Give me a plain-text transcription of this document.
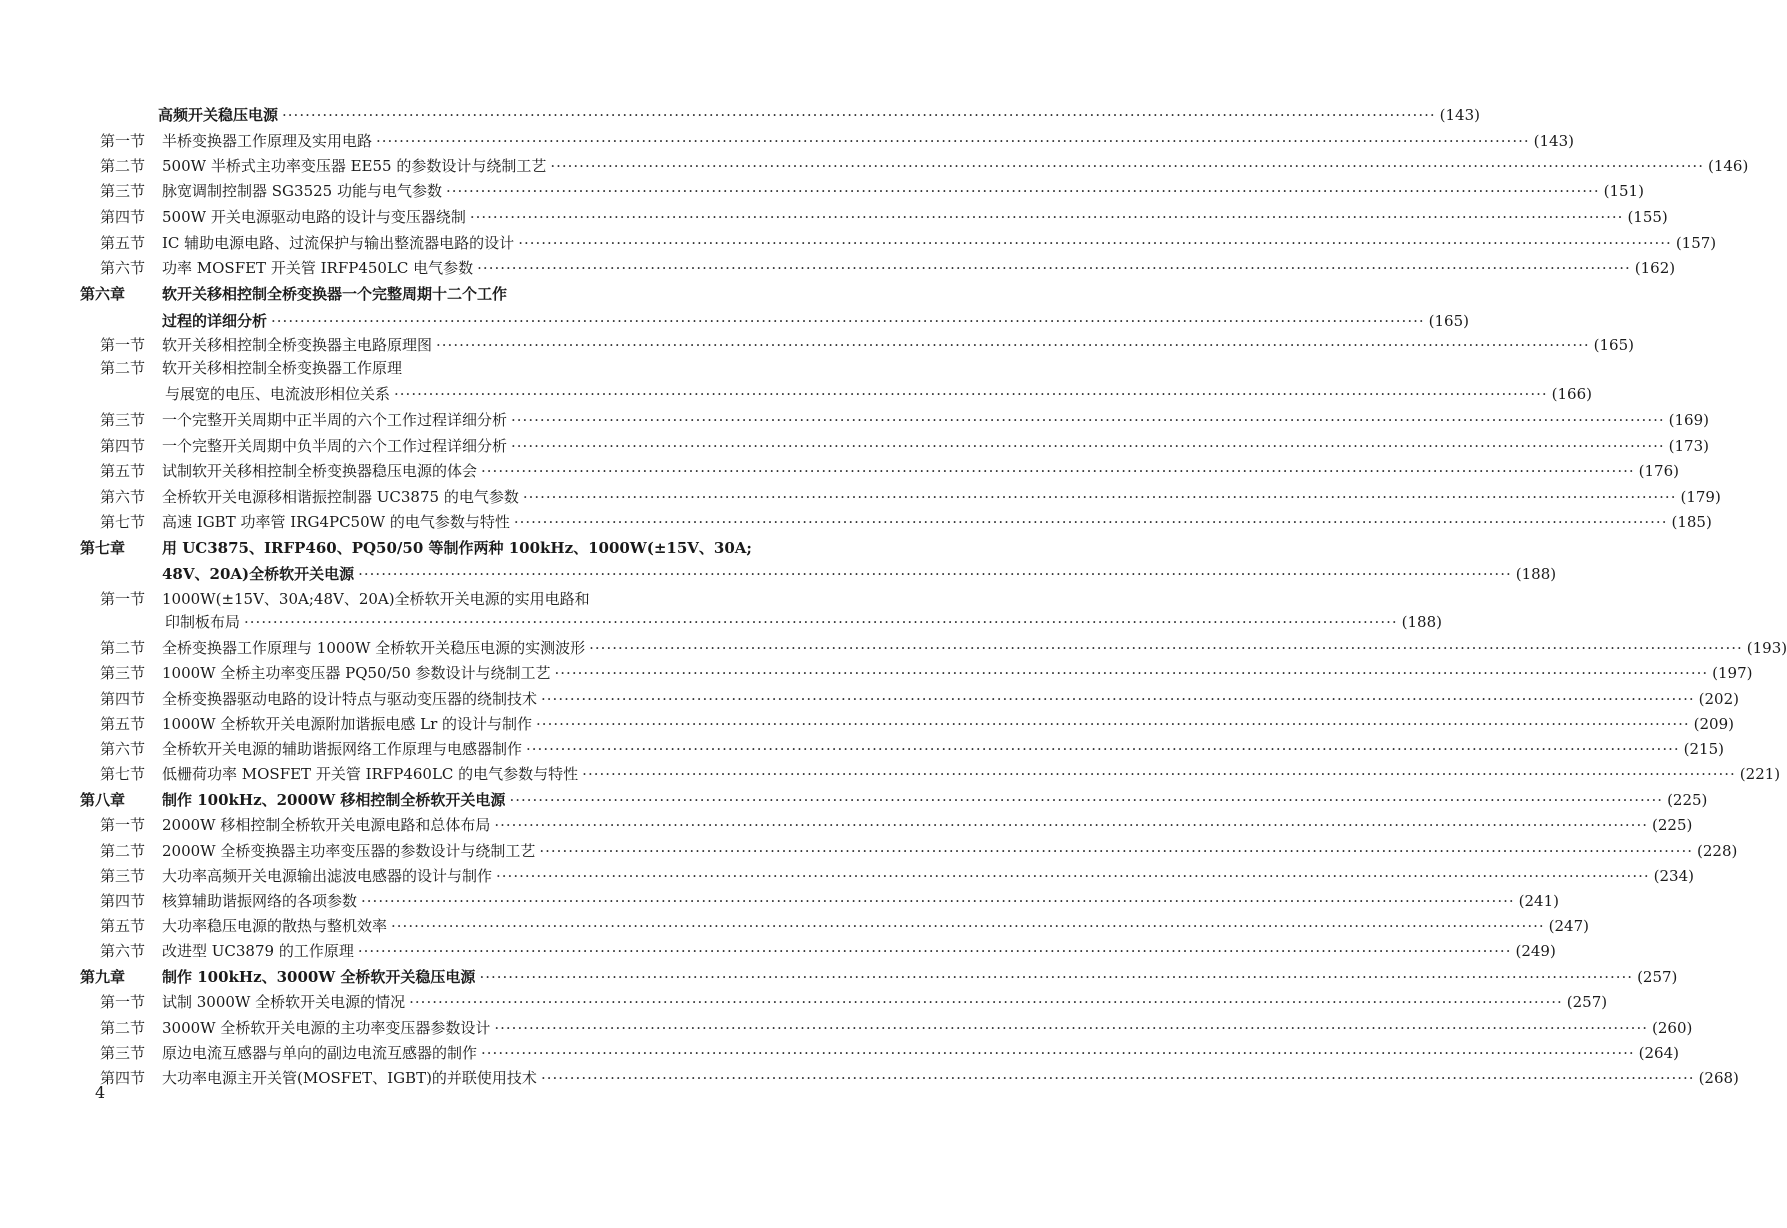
高频开关稳压电源 ········································································································································································································ (143)
第一节	半桥变换器工作原理及实用电路 ········································································································································································································ (143)
第二节	500W 半桥式主功率变压器 EE55 的参数设计与绕制工艺 ········································································································································································································ (146)
第三节	脉宽调制控制器 SG3525 功能与电气参数 ········································································································································································································ (151)
第四节	500W 开关电源驱动电路的设计与变压器绕制 ········································································································································································································ (155)
第五节	IC 辅助电源电路、过流保护与输出整流器电路的设计 ········································································································································································································ (157)
第六节	功率 MOSFET 开关管 IRFP450LC 电气参数 ········································································································································································································ (162)
第六章	软开关移相控制全桥变换器一个完整周期十二个工作
过程的详细分析 ········································································································································································································ (165)
第一节	软开关移相控制全桥变换器主电路原理图 ········································································································································································································ (165)
第二节	软开关移相控制全桥变换器工作原理
与展宽的电压、电流波形相位关系 ········································································································································································································ (166)
第三节	一个完整开关周期中正半周的六个工作过程详细分析 ········································································································································································································ (169)
第四节	一个完整开关周期中负半周的六个工作过程详细分析 ········································································································································································································ (173)
第五节	试制软开关移相控制全桥变换器稳压电源的体会 ········································································································································································································ (176)
第六节	全桥软开关电源移相谐振控制器 UC3875 的电气参数 ········································································································································································································ (179)
第七节	高速 IGBT 功率管 IRG4PC50W 的电气参数与特性 ········································································································································································································ (185)
第七章	用 UC3875、IRFP460、PQ50/50 等制作两种 100kHz、1000W(±15V、30A;
48V、20A)全桥软开关电源 ········································································································································································································ (188)
第一节	1000W(±15V、30A;48V、20A)全桥软开关电源的实用电路和
印制板布局 ········································································································································································································ (188)
第二节	全桥变换器工作原理与 1000W 全桥软开关稳压电源的实测波形 ········································································································································································································ (193)
第三节	1000W 全桥主功率变压器 PQ50/50 参数设计与绕制工艺 ········································································································································································································ (197)
第四节	全桥变换器驱动电路的设计特点与驱动变压器的绕制技术 ········································································································································································································ (202)
第五节	1000W 全桥软开关电源附加谐振电感 Lr 的设计与制作 ········································································································································································································ (209)
第六节	全桥软开关电源的辅助谐振网络工作原理与电感器制作 ········································································································································································································ (215)
第七节	低栅荷功率 MOSFET 开关管 IRFP460LC 的电气参数与特性 ········································································································································································································ (221)
第八章	制作 100kHz、2000W 移相控制全桥软开关电源 ········································································································································································································ (225)
第一节	2000W 移相控制全桥软开关电源电路和总体布局 ········································································································································································································ (225)
第二节	2000W 全桥变换器主功率变压器的参数设计与绕制工艺 ········································································································································································································ (228)
第三节	大功率高频开关电源输出滤波电感器的设计与制作 ········································································································································································································ (234)
第四节	核算辅助谐振网络的各项参数 ········································································································································································································ (241)
第五节	大功率稳压电源的散热与整机效率 ········································································································································································································ (247)
第六节	改进型 UC3879 的工作原理 ········································································································································································································ (249)
第九章	制作 100kHz、3000W 全桥软开关稳压电源 ········································································································································································································ (257)
第一节	试制 3000W 全桥软开关电源的情况 ········································································································································································································ (257)
第二节	3000W 全桥软开关电源的主功率变压器参数设计 ········································································································································································································ (260)
第三节	原边电流互感器与单向的副边电流互感器的制作 ········································································································································································································ (264)
第四节	大功率电源主开关管(MOSFET、IGBT)的并联使用技术 ········································································································································································································ (268)
4
